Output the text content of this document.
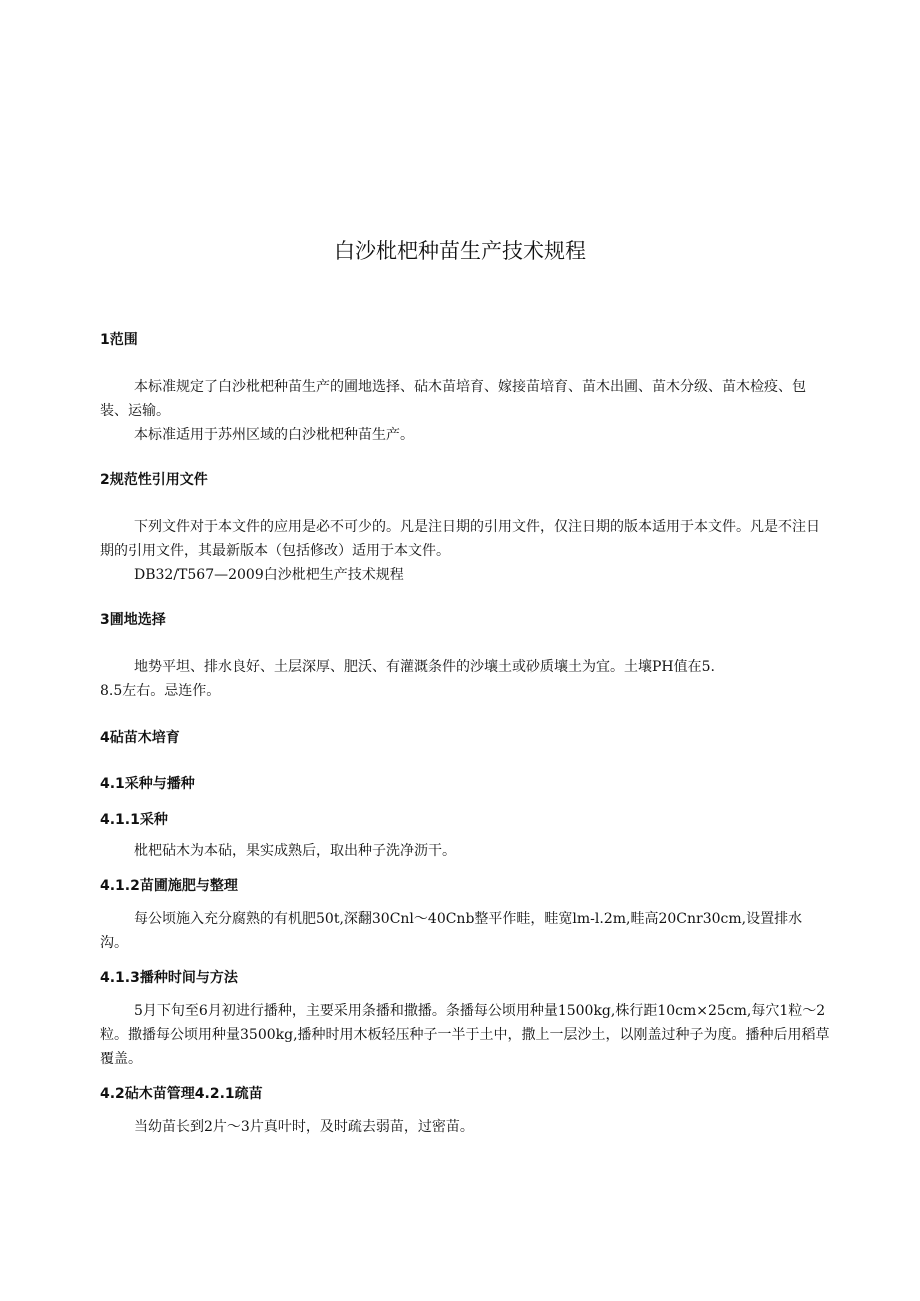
白沙枇杷种苗生产技术规程
1范围
本标准规定了白沙枇杷种苗生产的圃地选择、砧木苗培育、嫁接苗培育、苗木出圃、苗木分级、苗木检疫、包装、运输。
本标准适用于苏州区域的白沙枇杷种苗生产。
2规范性引用文件
下列文件对于本文件的应用是必不可少的。凡是注日期的引用文件，仅注日期的版本适用于本文件。凡是不注日期的引用文件，其最新版本（包括修改）适用于本文件。
DB32/T567—2009白沙枇杷生产技术规程
3圃地选择
地势平坦、排水良好、土层深厚、肥沃、有灌溉条件的沙壤土或砂质壤土为宜。土壤PH值在5.
8.5左右。忌连作。
4砧苗木培育
4.1采种与播种
4.1.1采种
枇杷砧木为本砧，果实成熟后，取出种子洗净沥干。
4.1.2苗圃施肥与整理
每公顷施入充分腐熟的有机肥50t,深翻30Cnl～40Cnb整平作畦，畦宽lm-l.2m,畦高20Cnr30cm,设置排水沟。
4.1.3播种时间与方法
5月下旬至6月初进行播种，主要采用条播和撒播。条播每公顷用种量1500kg,株行距10cm×25cm,每穴1粒～2粒。撒播每公顷用种量3500kg,播种时用木板轻压种子一半于土中，撒上一层沙土，以刚盖过种子为度。播种后用稻草覆盖。
4.2砧木苗管理4.2.1疏苗
当幼苗长到2片～3片真叶时，及时疏去弱苗，过密苗。
